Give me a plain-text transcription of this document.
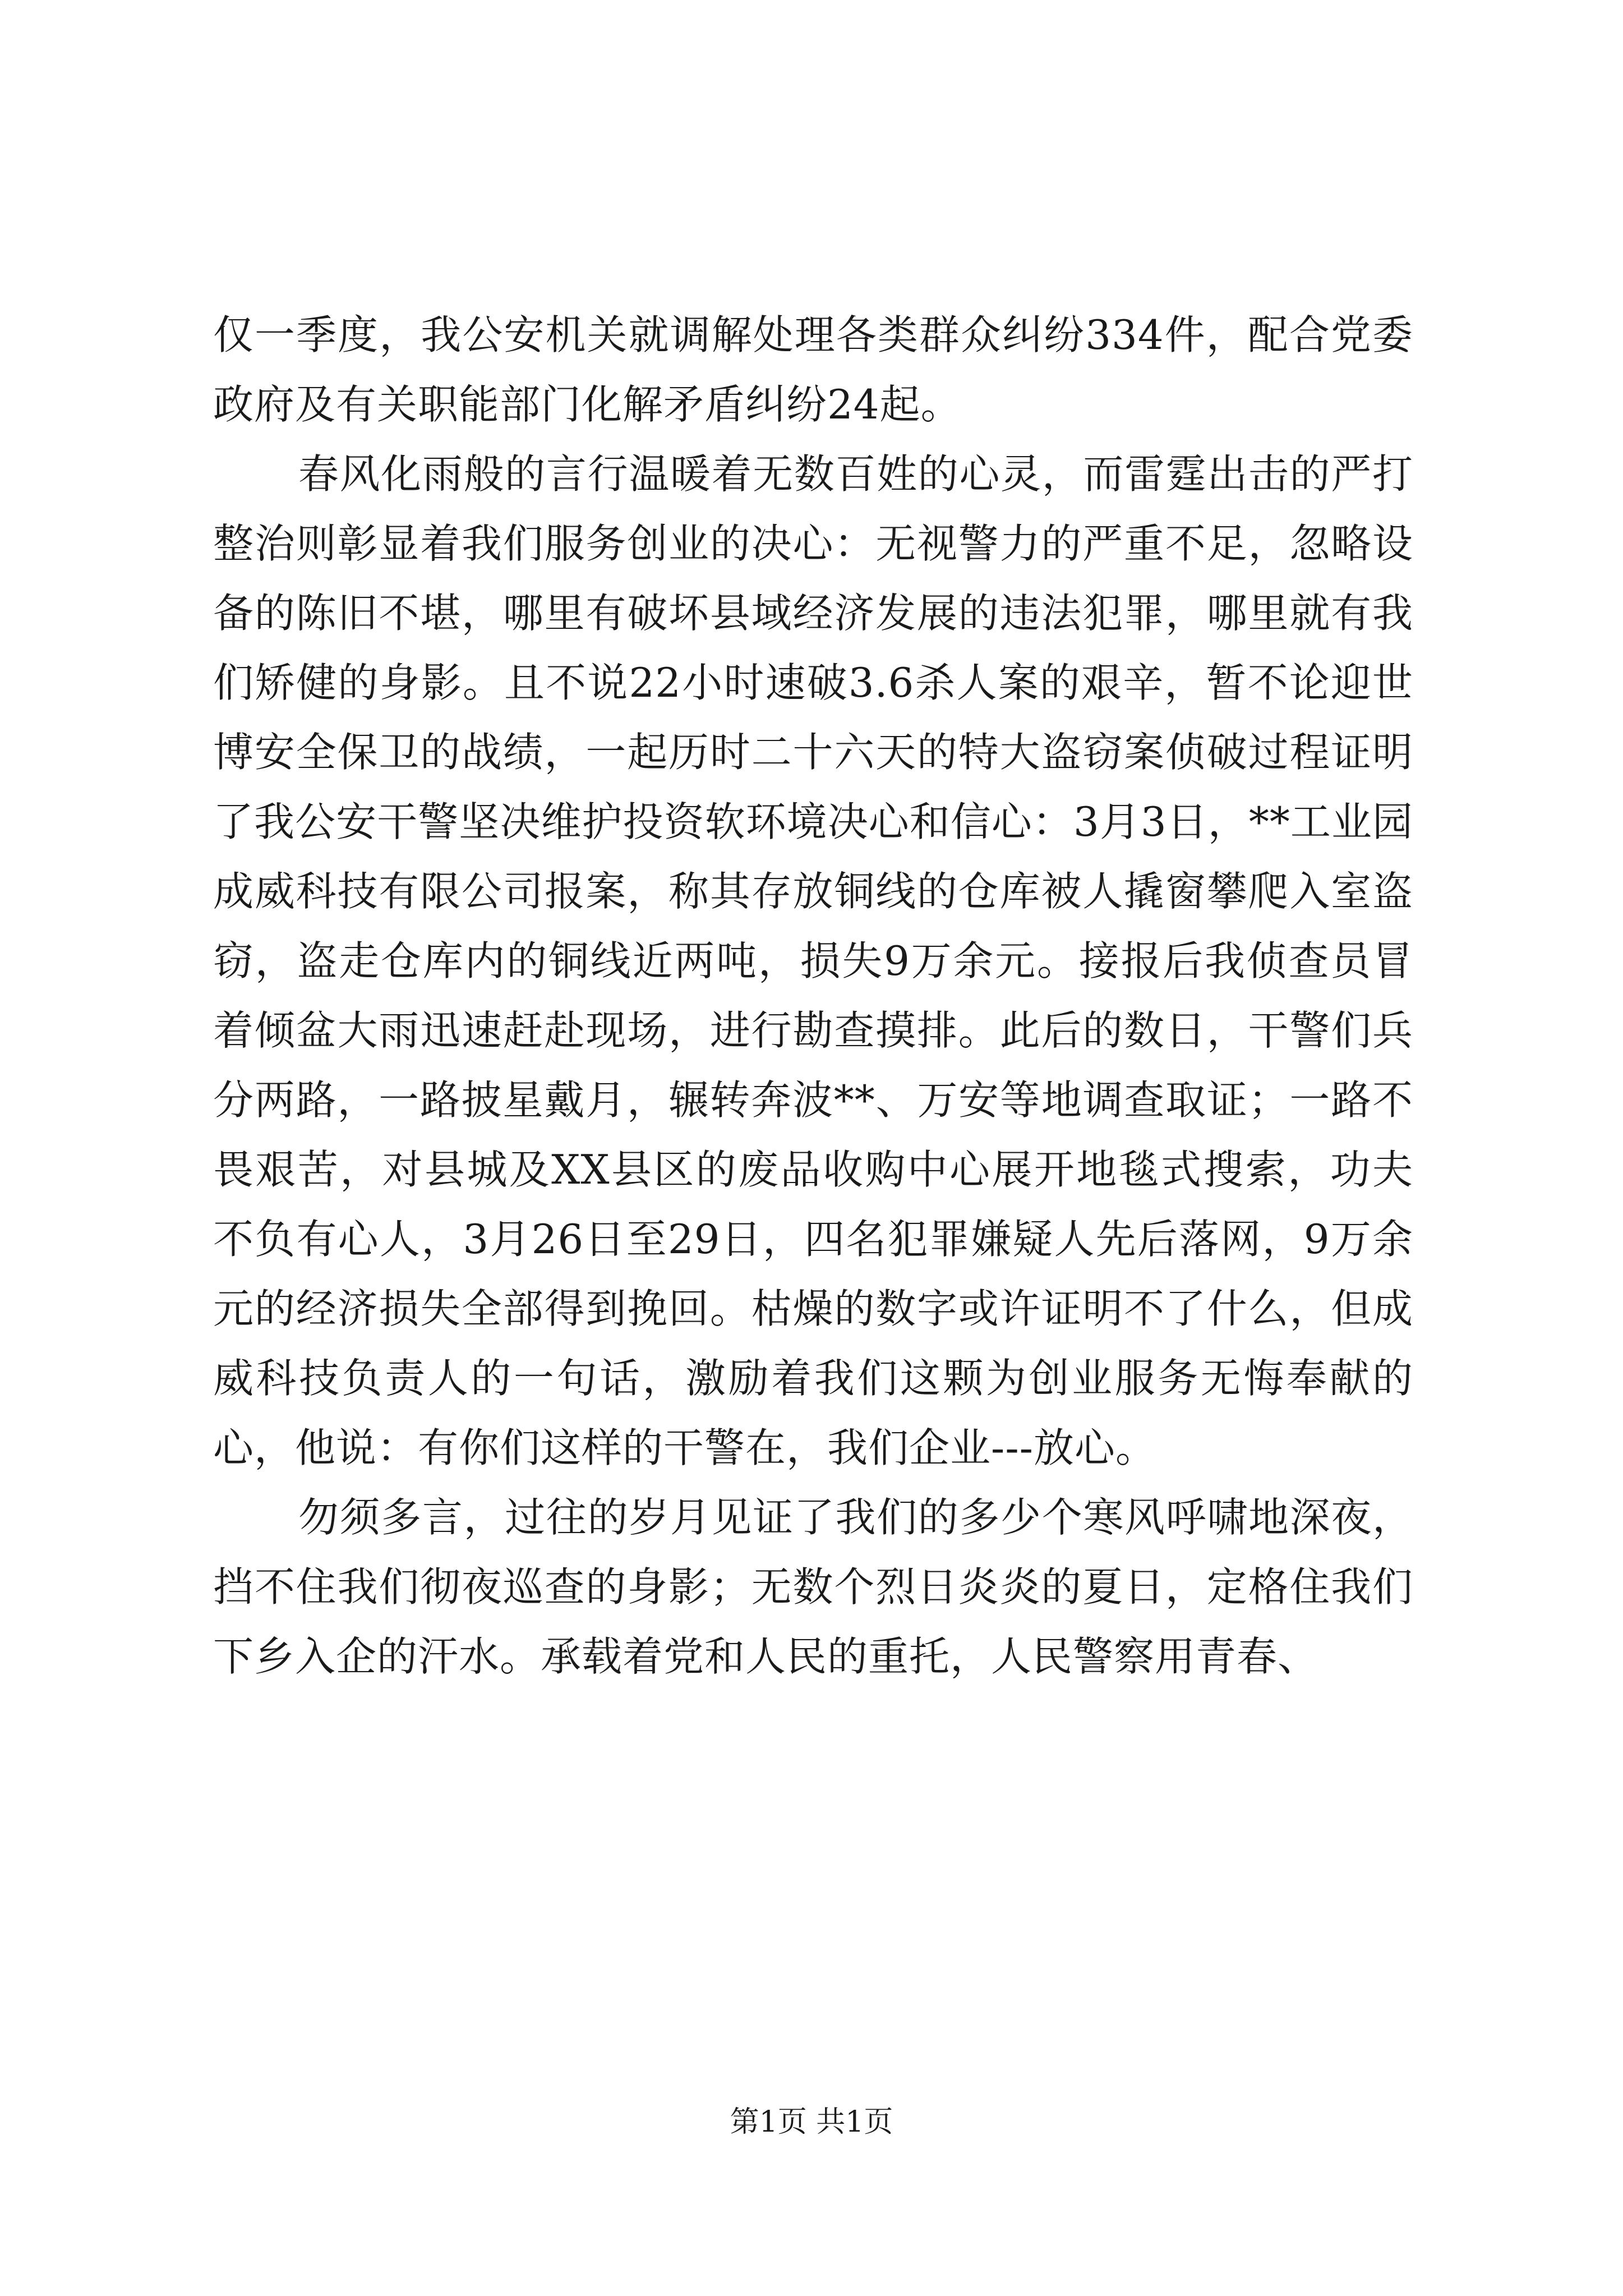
仅一季度，我公安机关就调解处理各类群众纠纷334件，配合党委政府及有关职能部门化解矛盾纠纷24起。

春风化雨般的言行温暖着无数百姓的心灵，而雷霆出击的严打整治则彰显着我们服务创业的决心：无视警力的严重不足，忽略设备的陈旧不堪，哪里有破坏县域经济发展的违法犯罪，哪里就有我们矫健的身影。且不说22小时速破3.6杀人案的艰辛，暂不论迎世博安全保卫的战绩，一起历时二十六天的特大盗窃案侦破过程证明了我公安干警坚决维护投资软环境决心和信心：3月3日，**工业园成威科技有限公司报案，称其存放铜线的仓库被人撬窗攀爬入室盗窃，盗走仓库内的铜线近两吨，损失9万余元。接报后我侦查员冒着倾盆大雨迅速赶赴现场，进行勘查摸排。此后的数日，干警们兵分两路，一路披星戴月，辗转奔波**、万安等地调查取证；一路不畏艰苦，对县城及XX县区的废品收购中心展开地毯式搜索，功夫不负有心人，3月26日至29日，四名犯罪嫌疑人先后落网，9万余元的经济损失全部得到挽回。枯燥的数字或许证明不了什么，但成威科技负责人的一句话，激励着我们这颗为创业服务无悔奉献的心，他说：有你们这样的干警在，我们企业---放心。

勿须多言，过往的岁月见证了我们的多少个寒风呼啸地深夜，挡不住我们彻夜巡查的身影；无数个烈日炎炎的夏日，定格住我们下乡入企的汗水。承载着党和人民的重托，人民警察用青春、

第1页 共1页
